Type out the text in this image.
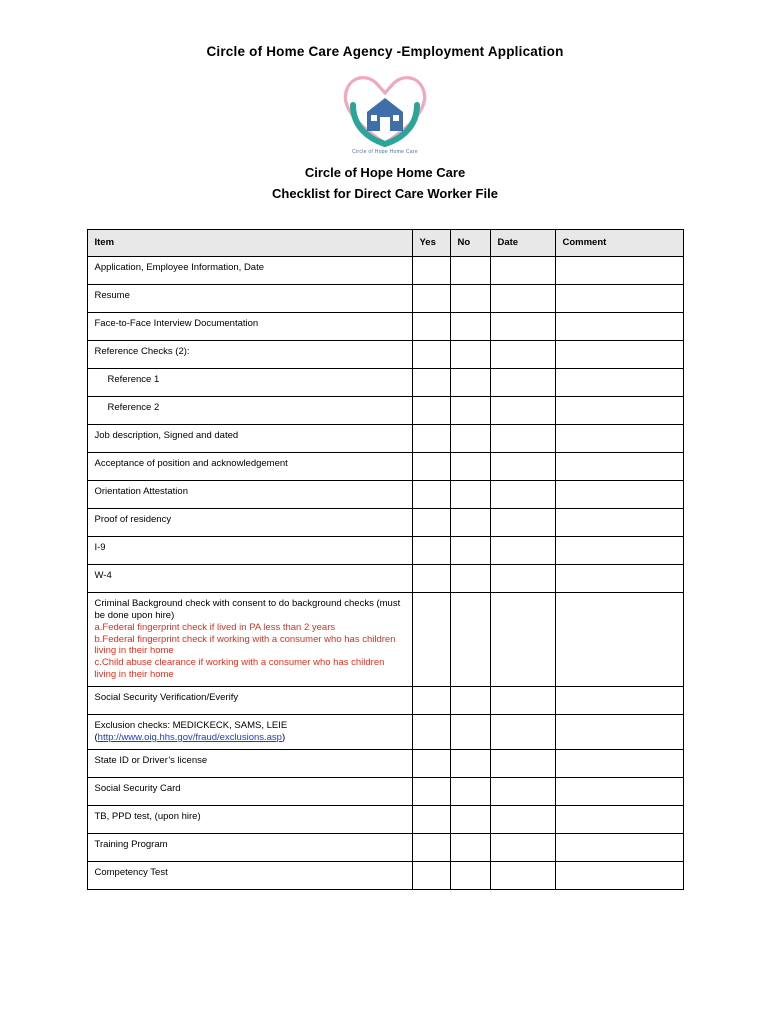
Circle of Home Care Agency -Employment Application
Circle of Hope Home Care
Circle of Hope Home Care
Checklist for Direct Care Worker File
Item	Yes	No	Date	Comment
Application, Employee Information, Date				
Resume				
Face-to-Face Interview Documentation				
Reference Checks (2):				
Reference 1				
Reference 2				
Job description, Signed and dated				
Acceptance of position and acknowledgement				
Orientation Attestation				
Proof of residency				
I-9				
W-4				

Criminal Background check with consent to do background checks (must be done upon hire)
a.Federal fingerprint check if lived in PA less than 2 years
b.Federal fingerprint check if working with a consumer who has children living in their home
c.Child abuse clearance if working with a consumer who has children living in their home				

Social Security Verification/Everify				

Exclusion checks: MEDICKECK, SAMS, LEIE
(http://www.oig.hhs.gov/fraud/exclusions.asp)				

State ID or Driver’s license				
Social Security Card				
TB, PPD test, (upon hire)				
Training Program				
Competency Test				
